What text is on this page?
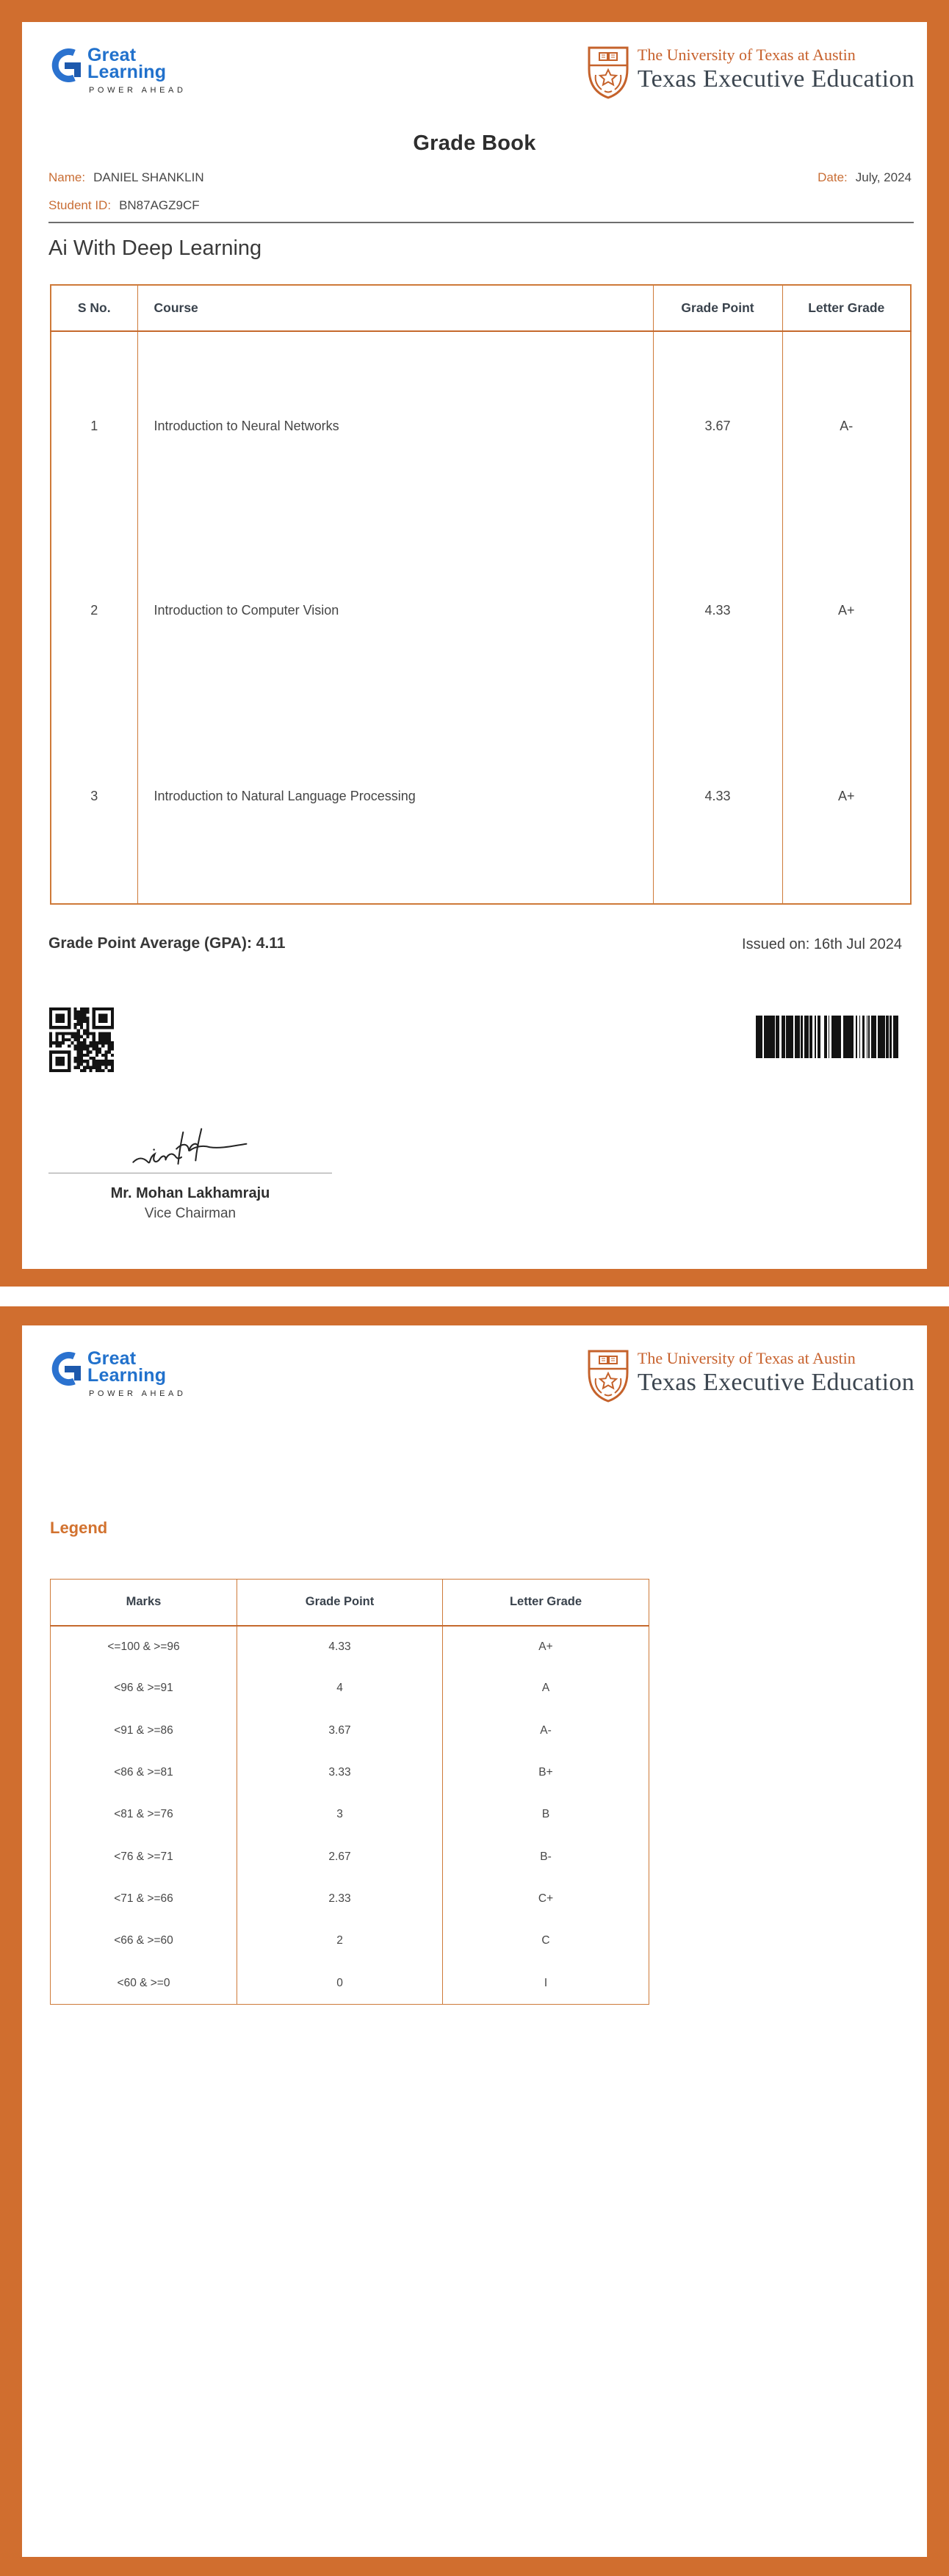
Great
Learning
POWER AHEAD
The University of Texas at Austin
Texas Executive Education
Grade Book
Name: DANIEL SHANKLIN	Date: July, 2024
Student ID: BN87AGZ9CF
Ai With Deep Learning
S No.	Course	Grade Point	Letter Grade
1	Introduction to Neural Networks	3.67	A-
2	Introduction to Computer Vision	4.33	A+
3	Introduction to Natural Language Processing	4.33	A+

Grade Point Average (GPA): 4.11	Issued on: 16th Jul 2024
Mr. Mohan Lakhamraju
Vice Chairman
Great
Learning
POWER AHEAD
The University of Texas at Austin
Texas Executive Education
Legend
Marks	Grade Point	Letter Grade
<=100 & >=96	4.33	A+
<96 & >=91	4	A
<91 & >=86	3.67	A-
<86 & >=81	3.33	B+
<81 & >=76	3	B
<76 & >=71	2.67	B-
<71 & >=66	2.33	C+
<66 & >=60	2	C
<60 & >=0	0	I
